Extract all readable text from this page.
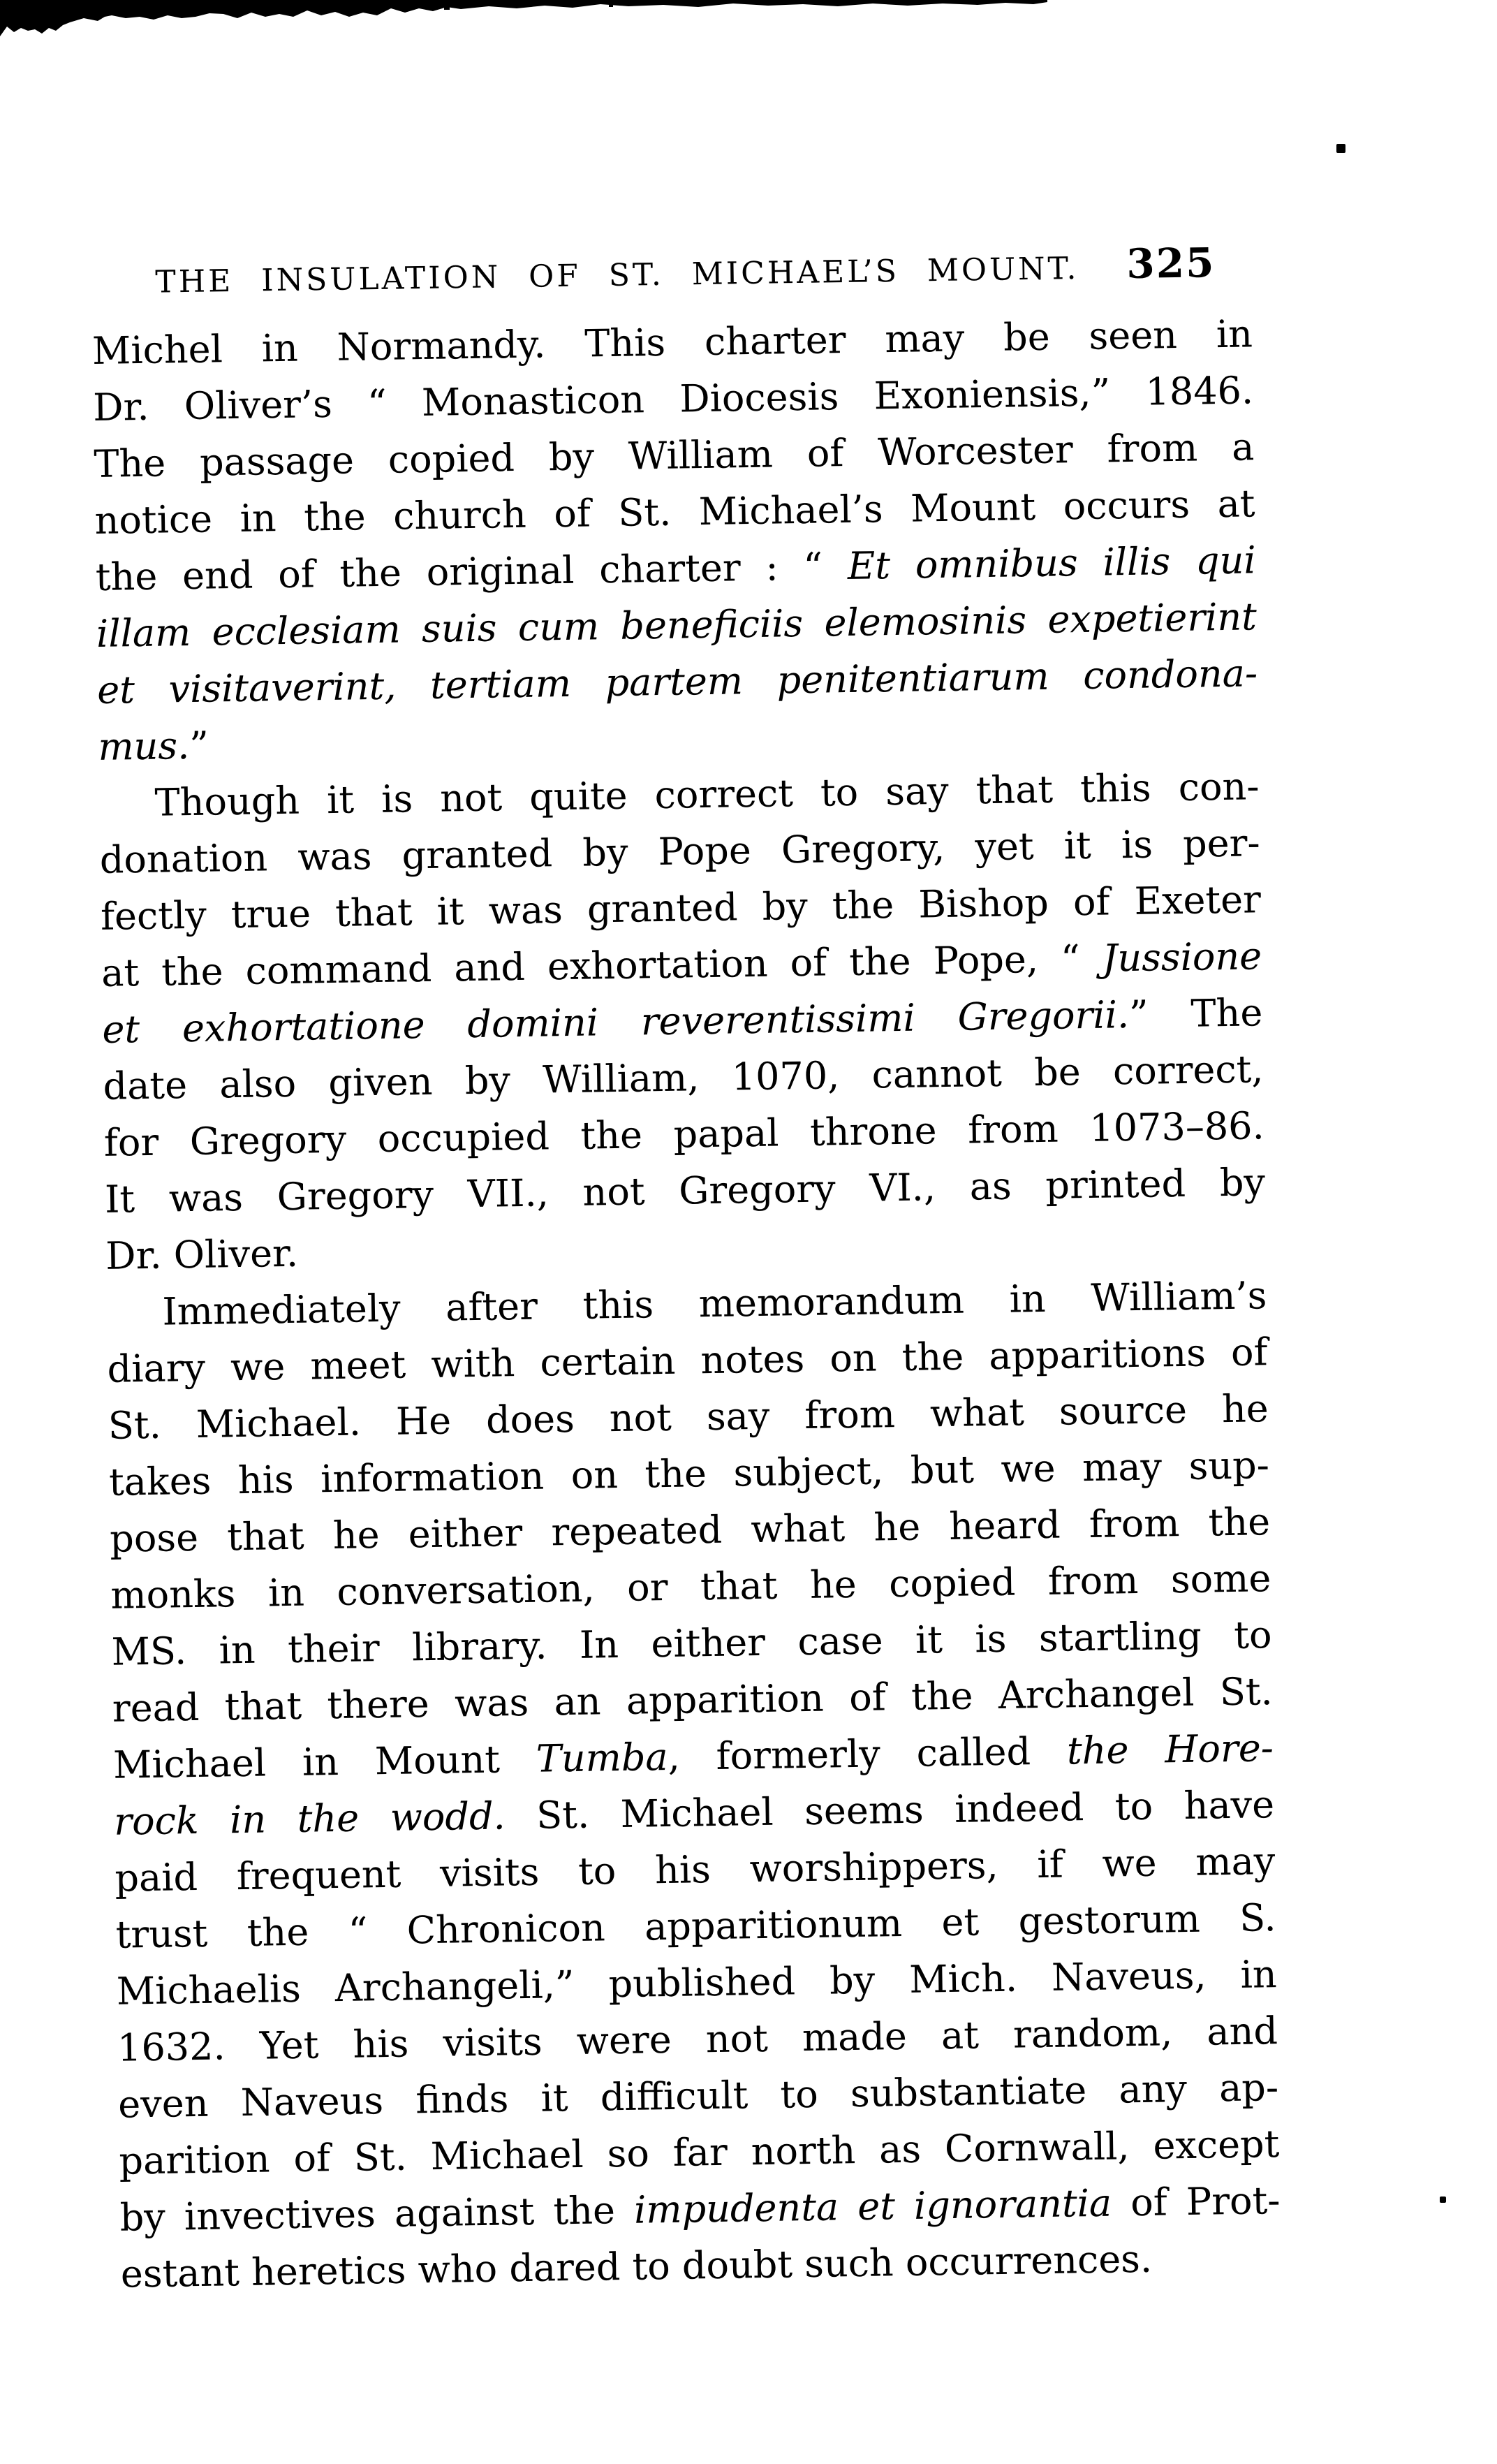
THE INSULATION OF ST. MICHAEL’S MOUNT. 325
Michel in Normandy. This charter may be seen in
Dr. Oliver’s “ Monasticon Diocesis Exoniensis,” 1846.
The passage copied by William of Worcester from a
notice in the church of St. Michael’s Mount occurs at
the end of the original charter : “ Et omnibus illis qui
illam ecclesiam suis cum beneficiis elemosinis expetierint
et visitaverint, tertiam partem penitentiarum condona-
mus.”
Though it is not quite correct to say that this con-
donation was granted by Pope Gregory, yet it is per-
fectly true that it was granted by the Bishop of Exeter
at the command and exhortation of the Pope, “ Jussione
et exhortatione domini reverentissimi Gregorii.” The
date also given by William, 1070, cannot be correct,
for Gregory occupied the papal throne from 1073–86.
It was Gregory VII., not Gregory VI., as printed by
Dr. Oliver.
Immediately after this memorandum in William’s
diary we meet with certain notes on the apparitions of
St. Michael. He does not say from what source he
takes his information on the subject, but we may sup-
pose that he either repeated what he heard from the
monks in conversation, or that he copied from some
MS. in their library. In either case it is startling to
read that there was an apparition of the Archangel St.
Michael in Mount Tumba, formerly called the Hore-
rock in the wodd. St. Michael seems indeed to have
paid frequent visits to his worshippers, if we may
trust the “ Chronicon apparitionum et gestorum S.
Michaelis Archangeli,” published by Mich. Naveus, in
1632. Yet his visits were not made at random, and
even Naveus finds it difficult to substantiate any ap-
parition of St. Michael so far north as Cornwall, except
by invectives against the impudenta et ignorantia of Prot-
estant heretics who dared to doubt such occurrences.
